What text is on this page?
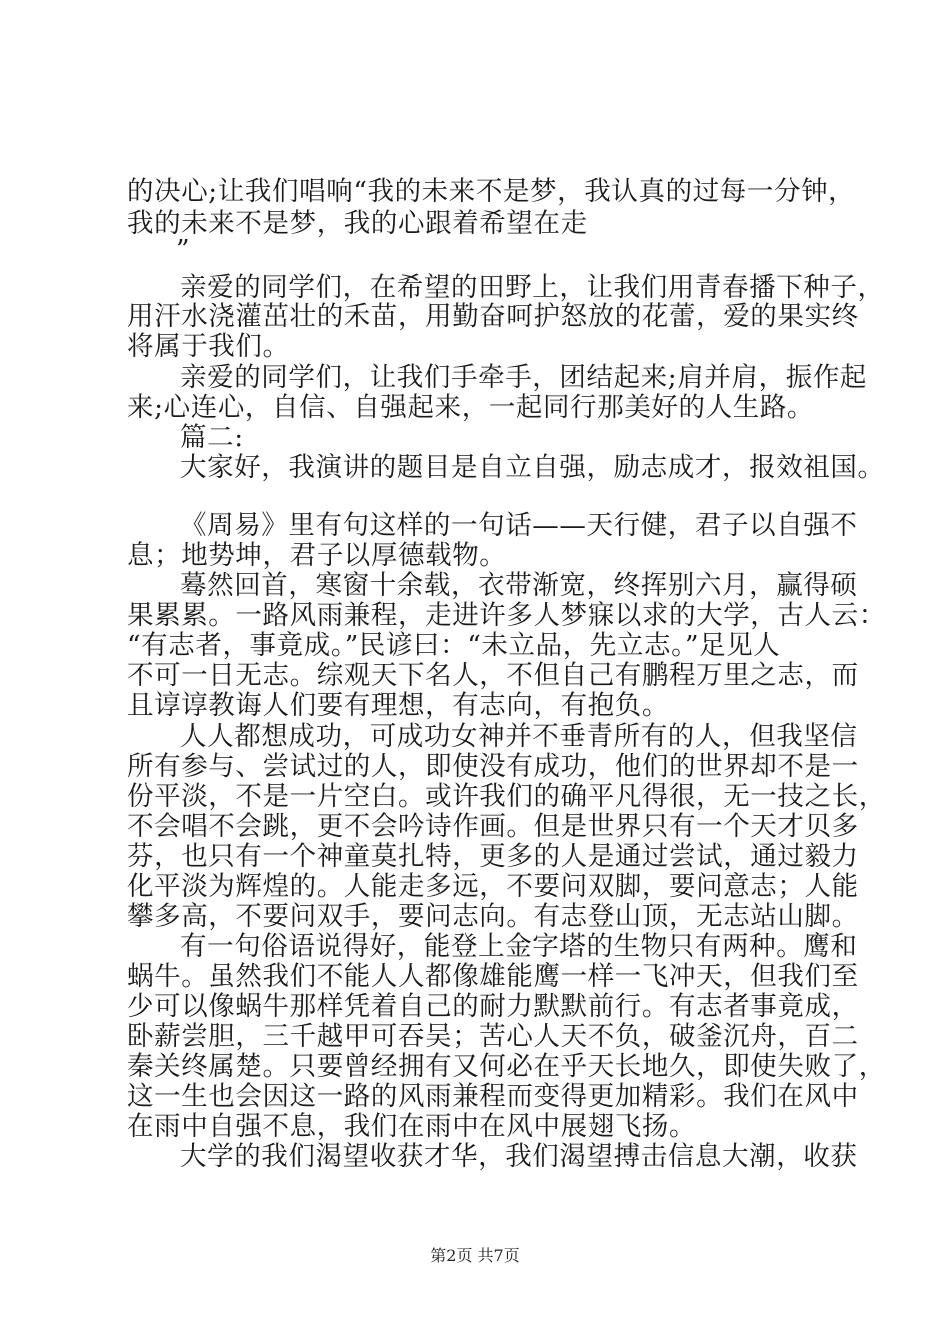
的决心;让我们唱响“我的未来不是梦，我认真的过每一分钟，
我的未来不是梦，我的心跟着希望在走
”
亲爱的同学们，在希望的田野上，让我们用青春播下种子，
用汗水浇灌茁壮的禾苗，用勤奋呵护怒放的花蕾，爱的果实终
将属于我们。
亲爱的同学们，让我们手牵手，团结起来;肩并肩，振作起
来;心连心，自信、自强起来，一起同行那美好的人生路。
篇二:
大家好，我演讲的题目是自立自强，励志成才，报效祖国。
《周易》里有句这样的一句话——天行健，君子以自强不
息；地势坤，君子以厚德载物。
蓦然回首，寒窗十余载，衣带渐宽，终挥别六月，赢得硕
果累累。一路风雨兼程，走进许多人梦寐以求的大学，古人云：
“有志者，事竟成。”民谚曰：“未立品，先立志。”足见人
不可一日无志。综观天下名人，不但自己有鹏程万里之志，而
且谆谆教诲人们要有理想，有志向，有抱负。
人人都想成功，可成功女神并不垂青所有的人，但我坚信
所有参与、尝试过的人，即使没有成功，他们的世界却不是一
份平淡，不是一片空白。或许我们的确平凡得很，无一技之长，
不会唱不会跳，更不会吟诗作画。但是世界只有一个天才贝多
芬，也只有一个神童莫扎特，更多的人是通过尝试，通过毅力
化平淡为辉煌的。人能走多远，不要问双脚，要问意志；人能
攀多高，不要问双手，要问志向。有志登山顶，无志站山脚。
有一句俗语说得好，能登上金字塔的生物只有两种。鹰和
蜗牛。虽然我们不能人人都像雄能鹰一样一飞冲天，但我们至
少可以像蜗牛那样凭着自己的耐力默默前行。有志者事竟成，
卧薪尝胆，三千越甲可吞吴；苦心人天不负，破釜沉舟，百二
秦关终属楚。只要曾经拥有又何必在乎天长地久，即使失败了，
这一生也会因这一路的风雨兼程而变得更加精彩。我们在风中
在雨中自强不息，我们在雨中在风中展翅飞扬。
大学的我们渴望收获才华，我们渴望搏击信息大潮，收获
第2页 共7页
